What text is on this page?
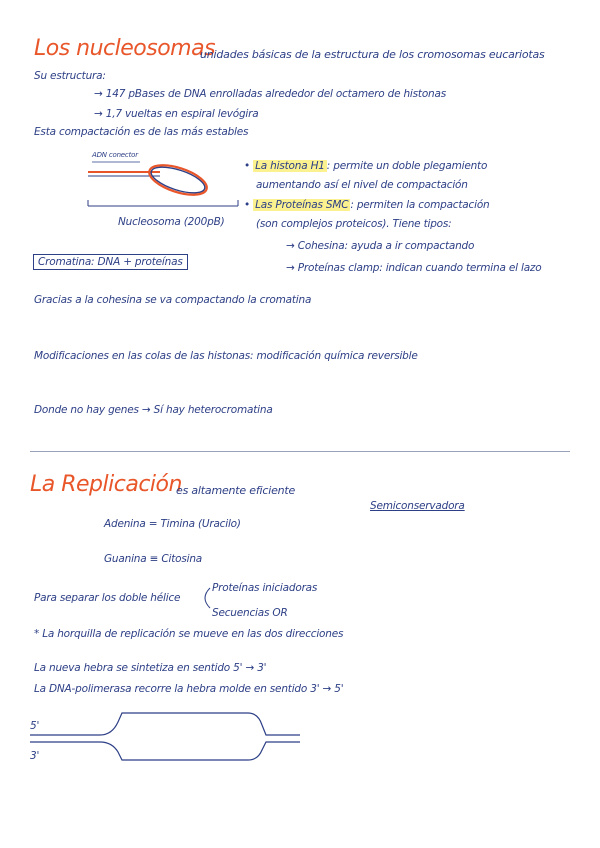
Los nucleosomas
unidades básicas de la estructura de los cromosomas eucariotas
Su estructura:
→ 147 pBases de DNA enrolladas alrededor del octamero de histonas
→ 1,7 vueltas en espiral levógira
Esta compactación es de las más estables
ADN conector
Nucleosoma (200pB)
Cromatina: DNA + proteínas
• La histona H1 : permite un doble plegamiento
aumentando así el nivel de compactación
• Las Proteínas SMC : permiten la compactación
(son complejos proteicos). Tiene tipos:
→ Cohesina: ayuda a ir compactando
→ Proteínas clamp: indican cuando termina el lazo
Gracias a la cohesina se va compactando la cromatina
Modificaciones en las colas de las histonas: modificación química reversible
Donde no hay genes → Sí hay heterocromatina
La Replicación
es altamente eficiente
Semiconservadora
Adenina = Timina (Uracilo)
Guanina ≡ Citosina
Para separar los doble hélice
Proteínas iniciadoras
Secuencias OR
* La horquilla de replicación se mueve en las dos direcciones
La nueva hebra se sintetiza en sentido 5' → 3'
La DNA-polimerasa recorre la hebra molde en sentido 3' → 5'
5'
3'
